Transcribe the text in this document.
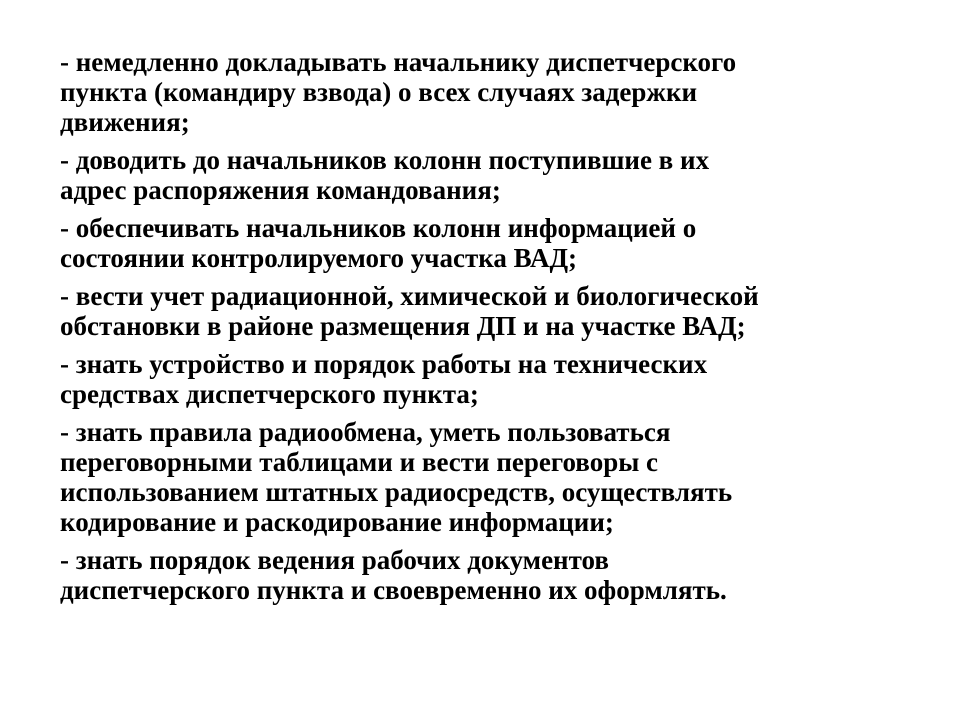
- немедленно докладывать начальнику диспетчерского
пункта (командиру взвода) о всех случаях задержки
движения;

- доводить до начальников колонн поступившие в их
адрес распоряжения командования;

- обеспечивать начальников колонн информацией о
состоянии контролируемого участка ВАД;

- вести учет радиационной, химической и биологической
обстановки в районе размещения ДП и на участке ВАД;

- знать устройство и порядок работы на технических
средствах диспетчерского пункта;

- знать правила радиообмена, уметь пользоваться
переговорными таблицами и вести переговоры с
использованием штатных радиосредств, осуществлять
кодирование и раскодирование информации;

- знать порядок ведения рабочих документов
диспетчерского пункта и своевременно их оформлять.
